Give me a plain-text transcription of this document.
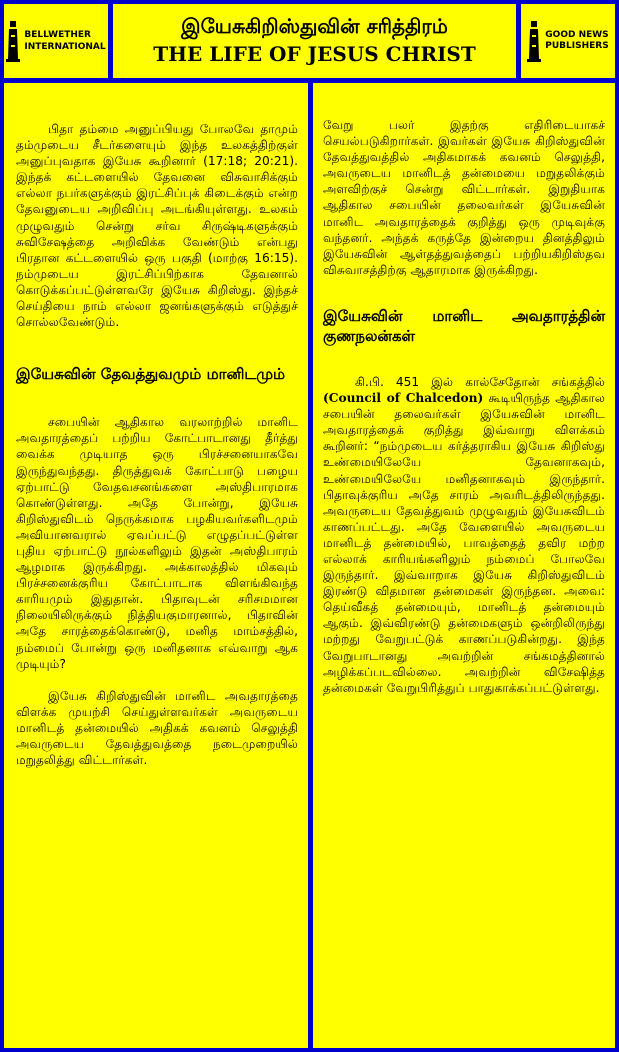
BELLWETHER
INTERNATIONAL
இயேசுகிறிஸ்துவின் சரித்திரம்
THE LIFE OF JESUS CHRIST
GOOD NEWS
PUBLISHERS

பிதா தம்மை அனுப்பியது போலவே தாமும் தம்முடைய சீடர்களையும் இந்த உலகத்திற்குள் அனுப்புவதாக இயேசு கூறினார் (17:18; 20:21). இந்தக் கட்டளையில் தேவனை விசுவாசிக்கும் எல்லா நபர்களுக்கும் இரட்சிப்புக் கிடைக்கும் என்ற தேவனுடைய அறிவிப்பு அடங்கியுள்ளது. உலகம் முழுவதும் சென்று சர்வ சிருஷ்டிகளுக்கும் சுவிசேஷத்தை அறிவிக்க வேண்டும் என்பது பிரதான கட்டளையில் ஒரு பகுதி (மாற்கு 16:15). நம்முடைய இரட்சிப்பிற்காக தேவனால் கொடுக்கப்பட்டுள்ளவரே இயேசு கிறிஸ்து. இந்தச் செய்தியை நாம் எல்லா ஜனங்களுக்கும் எடுத்துச் சொல்லவேண்டும்.

இயேசுவின் தேவத்துவமும் மானிடமும்

சபையின் ஆதிகால வரலாற்றில் மானிட அவதாரத்தைப் பற்றிய கோட்பாடானது தீர்த்து வைக்க முடியாத ஒரு பிரச்சனையாகவே இருந்துவந்தது. திருத்துவக் கோட்பாடு பழைய ஏற்பாட்டு வேதவசனங்களை அஸ்திபாரமாக கொண்டுள்ளது. அதே போன்று, இயேசு கிறிஸ்துவிடம் நெருக்கமாக பழகியவர்களிடமும் அவியானவரால் ஏவப்பட்டு எழுதப்பட்டுள்ள புதிய ஏற்பாட்டு நூல்களிலும் இதன் அஸ்திபாரம் ஆழமாக இருக்கிறது. அக்காலத்தில் மிகவும் பிரச்சனைக்குரிய கோட்பாடாக விளங்கிவந்த காரியமும் இதுதான். பிதாவுடன் சரிசமமான நிலையிலிருக்கும் நித்தியகுமாரனால், பிதாவின் அதே சாரத்தைக்கொண்டு, மனித மாம்சத்தில், நம்மைப் போன்று ஒரு மனிதனாக எவ்வாறு ஆக முடியும்?

இயேசு கிறிஸ்துவின் மானிட அவதாரத்தை விளக்க முயற்சி செய்துள்ளவர்கள் அவருடைய மானிடத் தன்மையில் அதிகக் கவனம் செலுத்தி அவருடைய தேவத்துவத்தை நடைமுறையில் மறுதலித்து விட்டார்கள்.

வேறு பலர் இதற்கு எதிரிடையாகச் செயல்படுகிறார்கள். இவர்கள் இயேசு கிறிஸ்துவின் தேவத்துவத்தில் அதிகமாகக் கவனம் செலுத்தி, அவருடைய மானிடத் தன்மையை மறுதலிக்கும் அளவிற்குச் சென்று விட்டார்கள். இறுதியாக ஆதிகால சபையின் தலைவர்கள் இயேசுவின் மானிட அவதாரத்தைக் குறித்து ஒரு முடிவுக்கு வந்தனர். அந்தக் கருத்தே இன்றைய தினத்திலும் இயேசுவின் ஆள்தத்துவத்தைப் பற்றியகிறிஸ்தவ விசுவாசத்திற்கு ஆதாரமாக இருக்கிறது.

இயேசுவின் மானிட அவதாரத்தின் குணநலன்கள்

கி.பி. 451 இல் கால்சேதோன் சங்கத்தில் (Council of Chalcedon) கூடியிருந்த ஆதிகால சபையின் தலைவர்கள் இயேசுவின் மானிட அவதாரத்தைக் குறித்து இவ்வாறு விளக்கம் கூறினர்: “நம்முடைய கர்த்தராகிய இயேசு கிறிஸ்து உண்மையிலேயே தேவனாகவும், உண்மையிலேயே மனிதனாகவும் இருந்தார். பிதாவுக்குரிய அதே சாரம் அவரிடத்திலிருந்தது. அவருடைய தேவத்துவம் முழுவதும் இயேசுவிடம் காணப்பட்டது. அதே வேளையில் அவருடைய மானிடத் தன்மையில், பாவத்தைத் தவிர மற்ற எல்லாக் காரியங்களிலும் நம்மைப் போலவே இருந்தார். இவ்வாறாக இயேசு கிறிஸ்துவிடம் இரண்டு விதமான தன்மைகள் இருந்தன. அவை: தெய்வீகத் தன்மையும், மானிடத் தன்மையும் ஆகும். இவ்விரண்டு தன்மைகளும் ஒன்றிலிருந்து மற்றது வேறுபட்டுக் காணப்படுகின்றது. இந்த வேறுபாடானது அவற்றின் சங்கமத்தினால் அழிக்கப்படவில்லை. அவற்றின் விசேஷித்த தன்மைகள் வேறுபிரித்துப் பாதுகாக்கப்பட்டுள்ளது.
